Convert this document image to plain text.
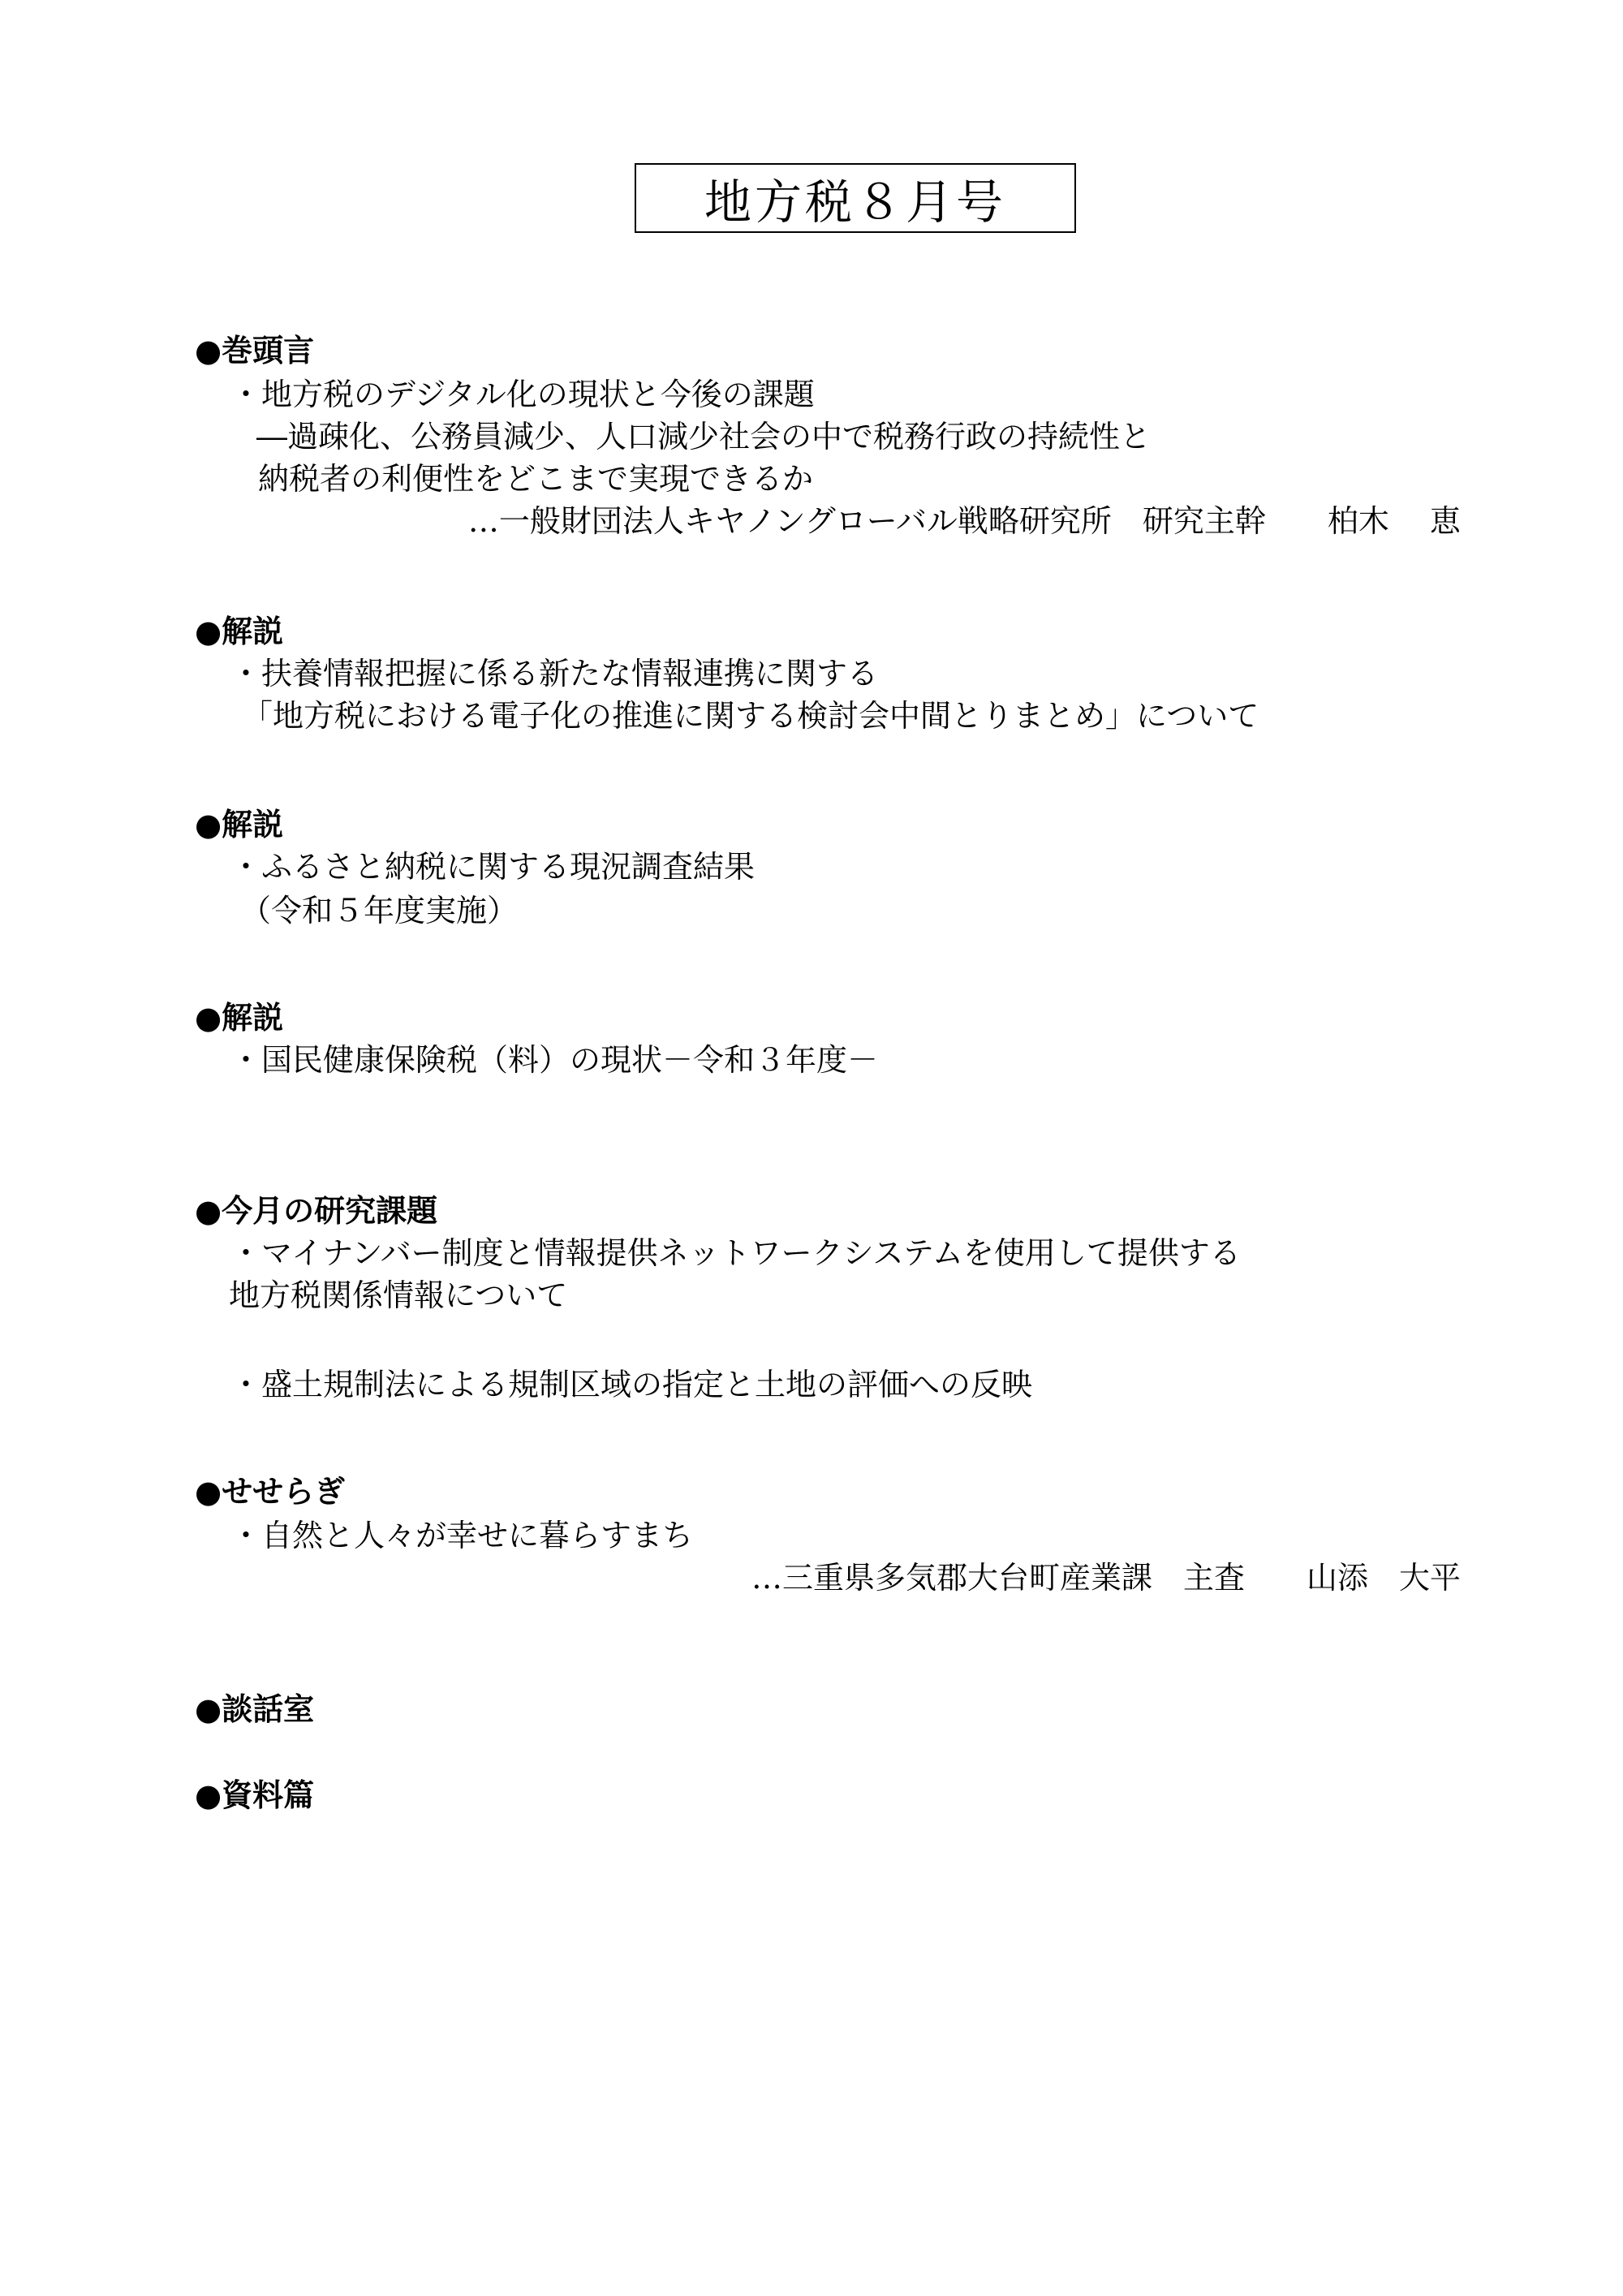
地方税８月号
●巻頭言
・地方税のデジタル化の現状と今後の課題
―過疎化、公務員減少、人口減少社会の中で税務行政の持続性と
納税者の利便性をどこまで実現できるか
…一般財団法人キヤノングローバル戦略研究所　研究主幹　　柏木　 恵
●解説
・扶養情報把握に係る新たな情報連携に関する
「地方税における電子化の推進に関する検討会中間とりまとめ」について
●解説
・ふるさと納税に関する現況調査結果
（令和５年度実施）
●解説
・国民健康保険税（料）の現状－令和３年度－
●今月の研究課題
・マイナンバー制度と情報提供ネットワークシステムを使用して提供する
地方税関係情報について
・盛土規制法による規制区域の指定と土地の評価への反映
●せせらぎ
・自然と人々が幸せに暮らすまち
…三重県多気郡大台町産業課　主査　　山添　大平
●談話室
●資料篇
